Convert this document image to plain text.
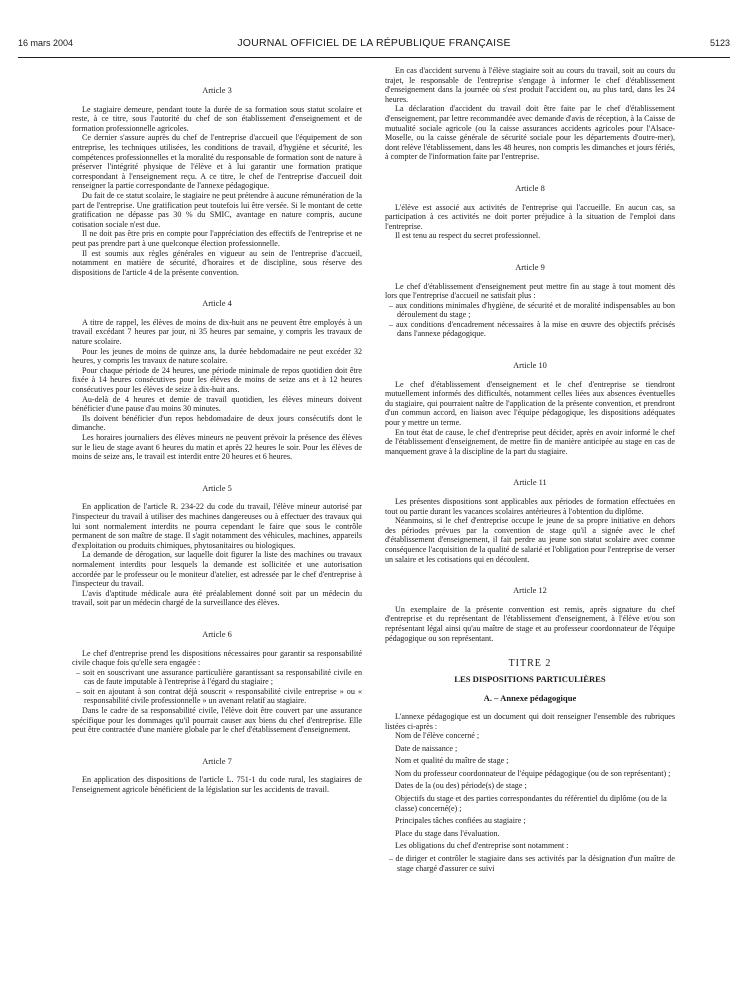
16 mars 2004	JOURNAL OFFICIEL DE LA RÉPUBLIQUE FRANÇAISE	5123
Article 3

Le stagiaire demeure, pendant toute la durée de sa formation sous statut scolaire et reste, à ce titre, sous l'autorité du chef de son établissement d'enseignement et de formation professionnelle agricoles.

Ce dernier s'assure auprès du chef de l'entreprise d'accueil que l'équipement de son entreprise, les techniques utilisées, les conditions de travail, d'hygiène et sécurité, les compétences professionnelles et la moralité du responsable de formation sont de nature à préserver l'intégrité physique de l'élève et à lui garantir une formation pratique correspondant à l'enseignement reçu. A ce titre, le chef de l'entreprise d'accueil doit renseigner la partie correspondante de l'annexe pédagogique.

Du fait de ce statut scolaire, le stagiaire ne peut prétendre à aucune rémunération de la part de l'entreprise. Une gratification peut toutefois lui être versée. Si le montant de cette gratification ne dépasse pas 30 % du SMIC, avantage en nature compris, aucune cotisation sociale n'est due.

Il ne doit pas être pris en compte pour l'appréciation des effectifs de l'entreprise et ne peut pas prendre part à une quelconque élection professionnelle.

Il est soumis aux règles générales en vigueur au sein de l'entreprise d'accueil, notamment en matière de sécurité, d'horaires et de discipline, sous réserve des dispositions de l'article 4 de la présente convention.

Article 4

A titre de rappel, les élèves de moins de dix-huit ans ne peuvent être employés à un travail excédant 7 heures par jour, ni 35 heures par semaine, y compris les travaux de nature scolaire.

Pour les jeunes de moins de quinze ans, la durée hebdomadaire ne peut excéder 32 heures, y compris les travaux de nature scolaire.

Pour chaque période de 24 heures, une période minimale de repos quotidien doit être fixée à 14 heures consécutives pour les élèves de moins de seize ans et à 12 heures consécutives pour les élèves de seize à dix-huit ans.

Au-delà de 4 heures et demie de travail quotidien, les élèves mineurs doivent bénéficier d'une pause d'au moins 30 minutes.

Ils doivent bénéficier d'un repos hebdomadaire de deux jours consécutifs dont le dimanche.

Les horaires journaliers des élèves mineurs ne peuvent prévoir la présence des élèves sur le lieu de stage avant 6 heures du matin et après 22 heures le soir. Pour les élèves de moins de seize ans, le travail est interdit entre 20 heures et 6 heures.

Article 5

En application de l'article R. 234-22 du code du travail, l'élève mineur autorisé par l'inspecteur du travail à utiliser des machines dangereuses ou à effectuer des travaux qui lui sont normalement interdits ne pourra cependant le faire que sous le contrôle permanent de son maître de stage. Il s'agit notamment des véhicules, machines, appareils d'exploitation ou produits chimiques, phytosanitaires ou biologiques.

La demande de dérogation, sur laquelle doit figurer la liste des machines ou travaux normalement interdits pour lesquels la demande est sollicitée et une autorisation accordée par le professeur ou le moniteur d'atelier, est adressée par le chef d'entreprise à l'inspecteur du travail.

L'avis d'aptitude médicale aura été préalablement donné soit par un médecin du travail, soit par un médecin chargé de la surveillance des élèves.

Article 6

Le chef d'entreprise prend les dispositions nécessaires pour garantir sa responsabilité civile chaque fois qu'elle sera engagée :

– soit en souscrivant une assurance particulière garantissant sa responsabilité civile en cas de faute imputable à l'entreprise à l'égard du stagiaire ;

– soit en ajoutant à son contrat déjà souscrit « responsabilité civile entreprise » ou « responsabilité civile professionnelle » un avenant relatif au stagiaire.

Dans le cadre de sa responsabilité civile, l'élève doit être couvert par une assurance spécifique pour les dommages qu'il pourrait causer aux biens du chef d'entreprise. Elle peut être contractée d'une manière globale par le chef d'établissement d'enseignement.

Article 7

En application des dispositions de l'article L. 751-1 du code rural, les stagiaires de l'enseignement agricole bénéficient de la législation sur les accidents de travail.

En cas d'accident survenu à l'élève stagiaire soit au cours du travail, soit au cours du trajet, le responsable de l'entreprise s'engage à informer le chef d'établissement d'enseignement dans la journée où s'est produit l'accident ou, au plus tard, dans les 24 heures.

La déclaration d'accident du travail doit être faite par le chef d'établissement d'enseignement, par lettre recommandée avec demande d'avis de réception, à la Caisse de mutualité sociale agricole (ou la caisse assurances accidents agricoles pour l'Alsace-Moselle, ou la caisse générale de sécurité sociale pour les départements d'outre-mer), dont relève l'établissement, dans les 48 heures, non compris les dimanches et jours fériés, à compter de l'information faite par l'entreprise.

Article 8

L'élève est associé aux activités de l'entreprise qui l'accueille. En aucun cas, sa participation à ces activités ne doit porter préjudice à la situation de l'emploi dans l'entreprise.

Il est tenu au respect du secret professionnel.

Article 9

Le chef d'établissement d'enseignement peut mettre fin au stage à tout moment dès lors que l'entreprise d'accueil ne satisfait plus :

– aux conditions minimales d'hygiène, de sécurité et de moralité indispensables au bon déroulement du stage ;

– aux conditions d'encadrement nécessaires à la mise en œuvre des objectifs précisés dans l'annexe pédagogique.

Article 10

Le chef d'établissement d'enseignement et le chef d'entreprise se tiendront mutuellement informés des difficultés, notamment celles liées aux absences éventuelles du stagiaire, qui pourraient naître de l'application de la présente convention, et prendront d'un commun accord, en liaison avec l'équipe pédagogique, les dispositions adéquates pour y mettre un terme.

En tout état de cause, le chef d'entreprise peut décider, après en avoir informé le chef de l'établissement d'enseignement, de mettre fin de manière anticipée au stage en cas de manquement grave à la discipline de la part du stagiaire.

Article 11

Les présentes dispositions sont applicables aux périodes de formation effectuées en tout ou partie durant les vacances scolaires antérieures à l'obtention du diplôme.

Néanmoins, si le chef d'entreprise occupe le jeune de sa propre initiative en dehors des périodes prévues par la convention de stage qu'il a signée avec le chef d'établissement d'enseignement, il fait perdre au jeune son statut scolaire avec comme conséquence l'acquisition de la qualité de salarié et l'obligation pour l'entreprise de verser un salaire et les cotisations qui en découlent.

Article 12

Un exemplaire de la présente convention est remis, après signature du chef d'entreprise et du représentant de l'établissement d'enseignement, à l'élève et/ou son représentant légal ainsi qu'au maître de stage et au professeur coordonnateur de l'équipe pédagogique ou son représentant.

TITRE 2
LES DISPOSITIONS PARTICULIÈRES
A. – Annexe pédagogique

L'annexe pédagogique est un document qui doit renseigner l'ensemble des rubriques listées ci-après :

Nom de l'élève concerné ;

Date de naissance ;

Nom et qualité du maître de stage ;

Nom du professeur coordonnateur de l'équipe pédagogique (ou de son représentant) ;

Dates de la (ou des) période(s) de stage ;

Objectifs du stage et des parties correspondantes du référentiel du diplôme (ou de la classe) concerné(e) ;

Principales tâches confiées au stagiaire ;

Place du stage dans l'évaluation.

Les obligations du chef d'entreprise sont notamment :

– de diriger et contrôler le stagiaire dans ses activités par la désignation d'un maître de stage chargé d'assurer ce suivi
